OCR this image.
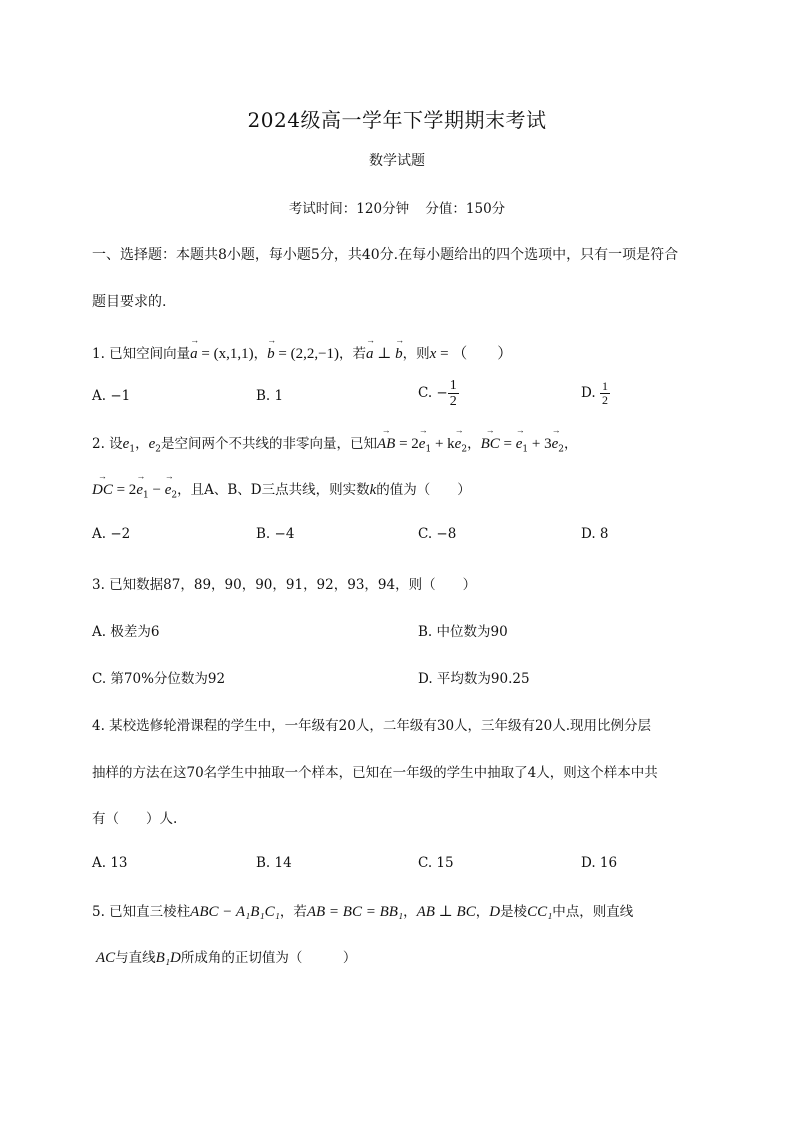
2024级高一学年下学期期末考试
数学试题
考试时间：120分钟 分值：150分
一、选择题：本题共8小题，每小题5分，共40分.在每小题给出的四个选项中，只有一项是符合
题目要求的.
1. 已知空间向量→ a = (x,1,1)，→ b = (2,2,−1)，若→ a ⊥ → b，则x = （　　）
A. −1	B. 1	C. − $\frac{1}{2}$	D. $\frac{1}{2}$
2. 设$e_1$，$e_2$是空间两个不共线的非零向量，已知→ AB = $2\to e_1 + k\to e_2$，→ BC = → $e_1 + 3\to e_2$，
→ DC = $2\to e_1$ − → $e_2$，且A、B、D三点共线，则实数k的值为（　　）
A. −2	B. −4	C. −8	D. 8
3. 已知数据87，89，90，90，91，92，93，94，则（　　）
A. 极差为6	B. 中位数为90
C. 第70%分位数为92	D. 平均数为90.25
4. 某校选修轮滑课程的学生中，一年级有20人，二年级有30人，三年级有20人.现用比例分层
抽样的方法在这70名学生中抽取一个样本，已知在一年级的学生中抽取了4人，则这个样本中共
有（　　）人.
A. 13	B. 14	C. 15	D. 16
5. 已知直三棱柱ABC − A₁B₁C₁，若AB = BC = BB₁，AB ⊥ BC，D是棱CC₁中点，则直线
AC与直线B₁D所成角的正切值为（　　　）
